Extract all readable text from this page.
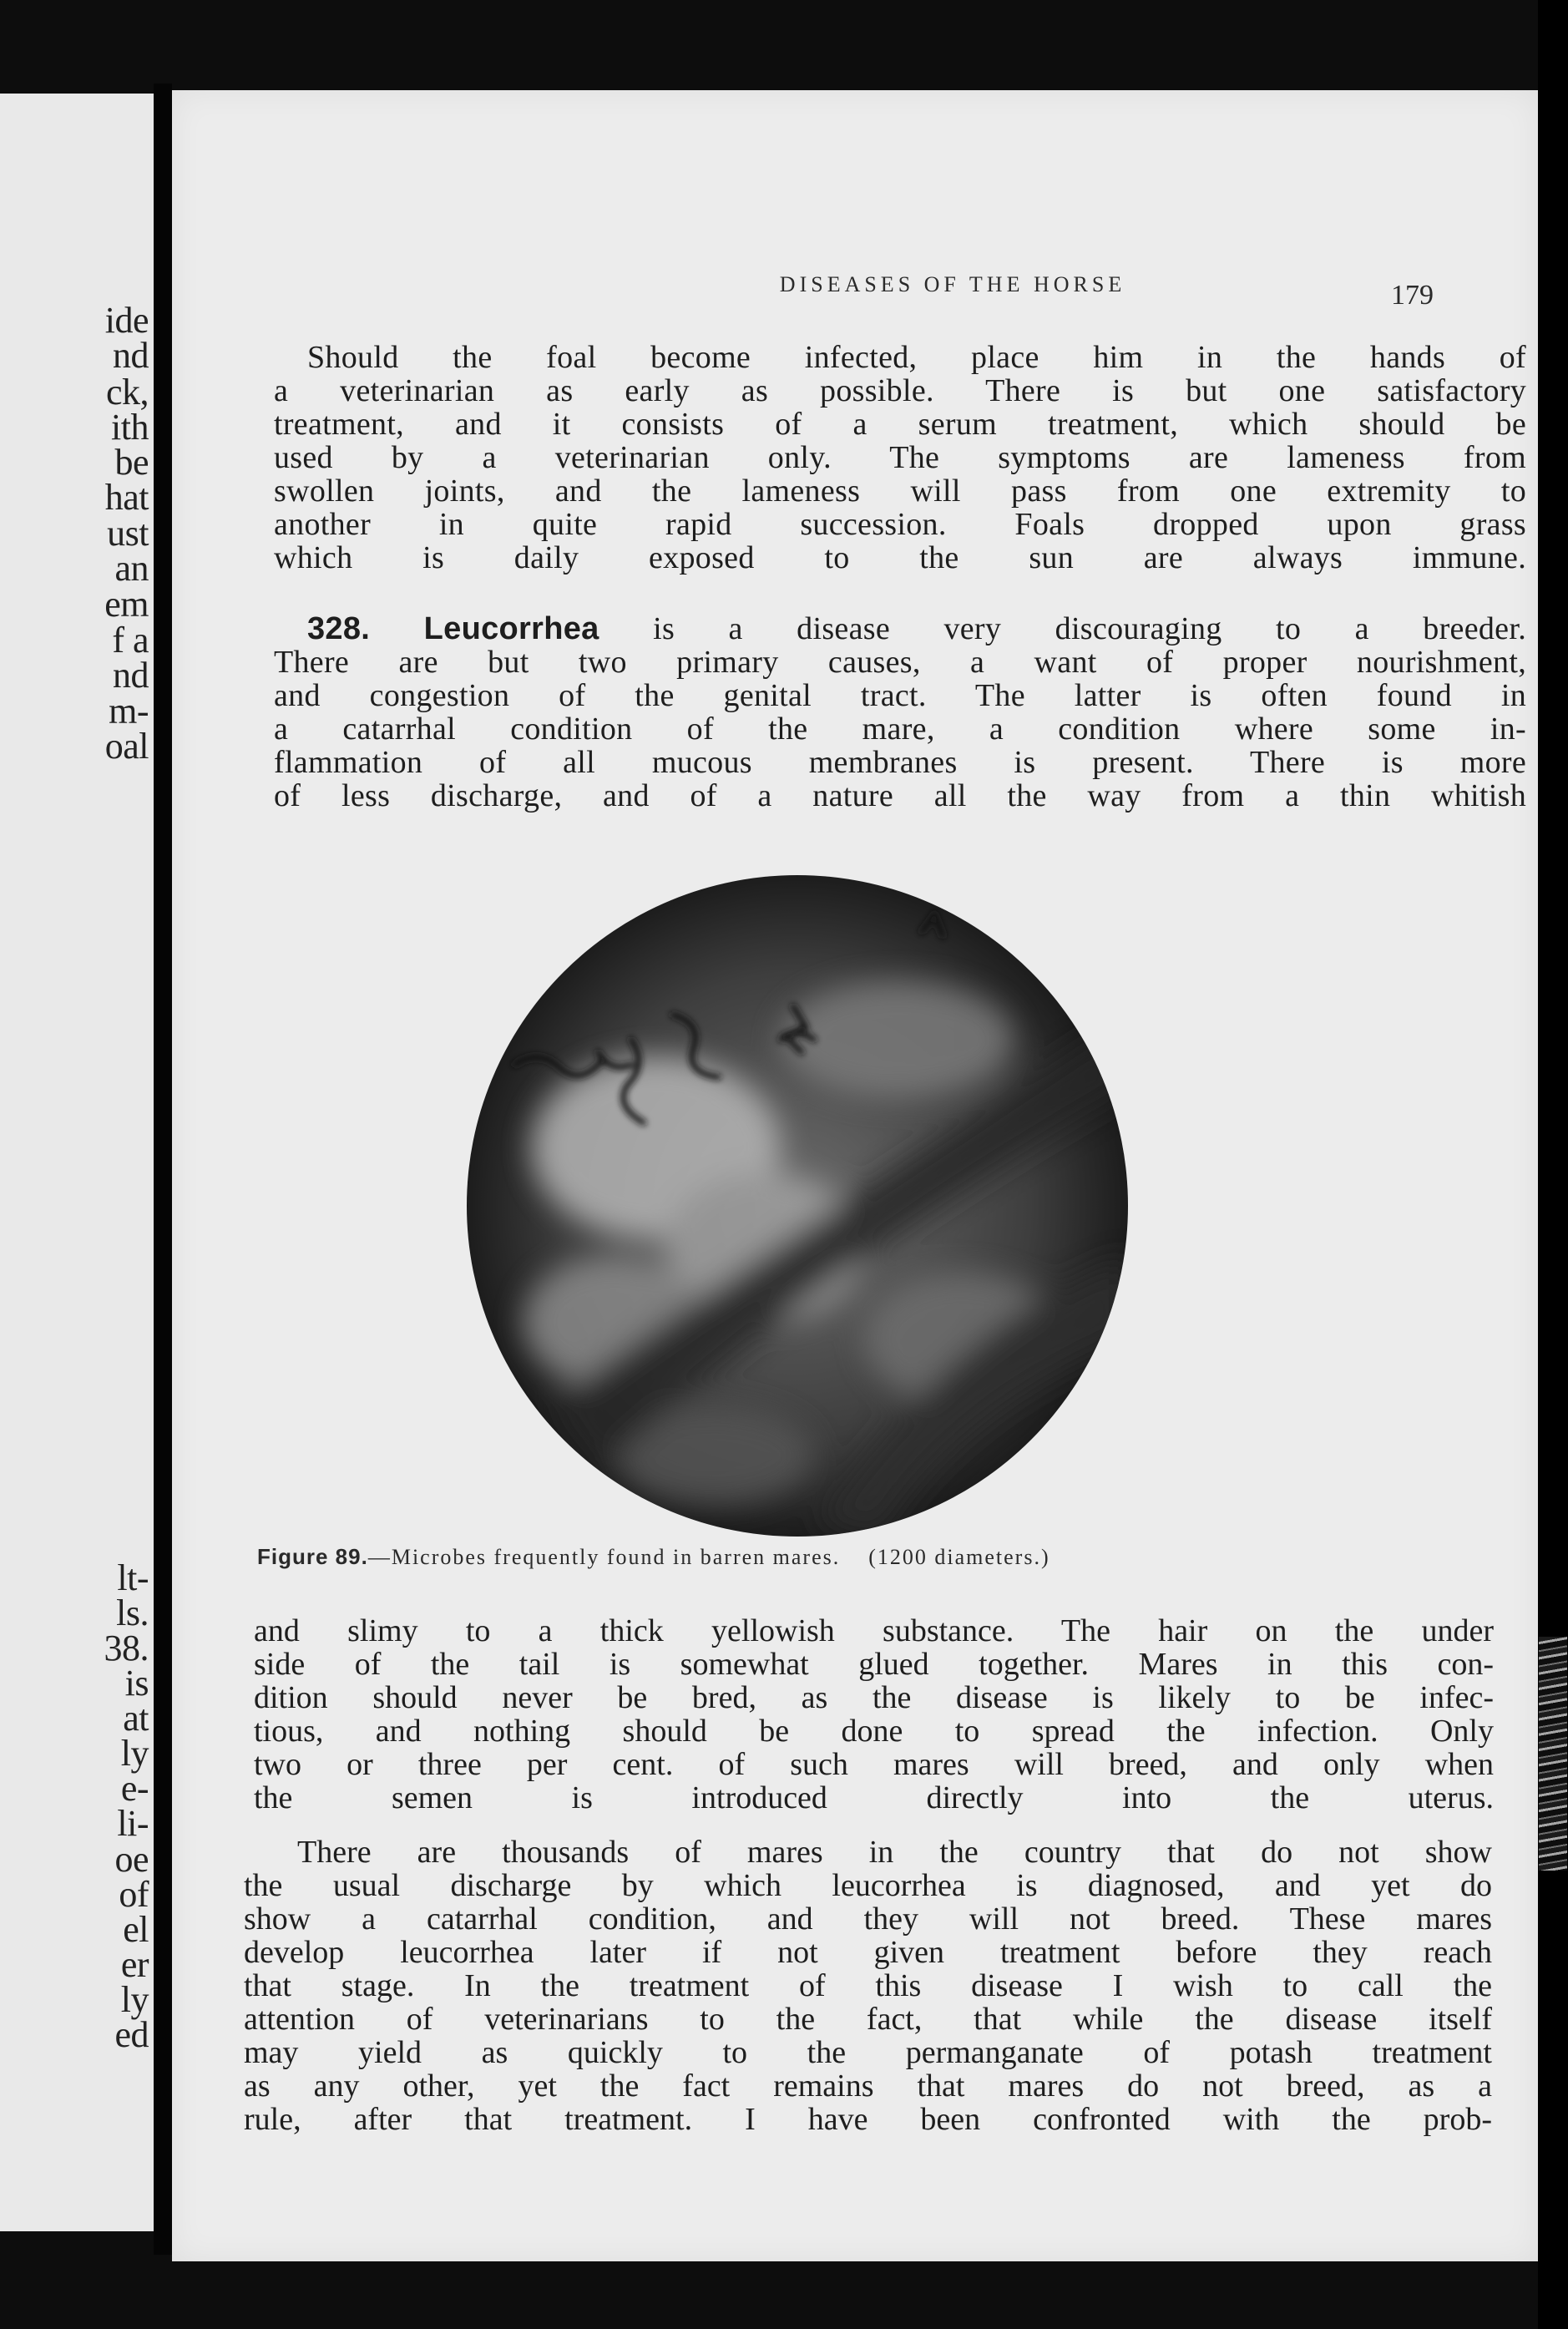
ide
nd
ck,
ith
be
hat
ust
an
em
f a
nd
m-
oal
lt-
ls.
38.
is
at
ly
e-
li-
oe
of
el
er
ly
ed
DISEASES OF THE HORSE	179
Should the foal become infected, place him in the hands of
a veterinarian as early as possible. There is but one satisfactory
treatment, and it consists of a serum treatment, which should be
used by a veterinarian only. The symptoms are lameness from
swollen joints, and the lameness will pass from one extremity to
another in quite rapid succession. Foals dropped upon grass
which is daily exposed to the sun are always immune.
328. Leucorrhea is a disease very discouraging to a breeder.
There are but two primary causes, a want of proper nourishment,
and congestion of the genital tract. The latter is often found in
a catarrhal condition of the mare, a condition where some in-
flammation of all mucous membranes is present. There is more
of less discharge, and of a nature all the way from a thin whitish
Figure 89.—Microbes frequently found in barren mares. (1200 diameters.)
and slimy to a thick yellowish substance. The hair on the under
side of the tail is somewhat glued together. Mares in this con-
dition should never be bred, as the disease is likely to be infec-
tious, and nothing should be done to spread the infection. Only
two or three per cent. of such mares will breed, and only when
the semen is introduced directly into the uterus.
There are thousands of mares in the country that do not show
the usual discharge by which leucorrhea is diagnosed, and yet do
show a catarrhal condition, and they will not breed. These mares
develop leucorrhea later if not given treatment before they reach
that stage. In the treatment of this disease I wish to call the
attention of veterinarians to the fact, that while the disease itself
may yield as quickly to the permanganate of potash treatment
as any other, yet the fact remains that mares do not breed, as a
rule, after that treatment. I have been confronted with the prob-
